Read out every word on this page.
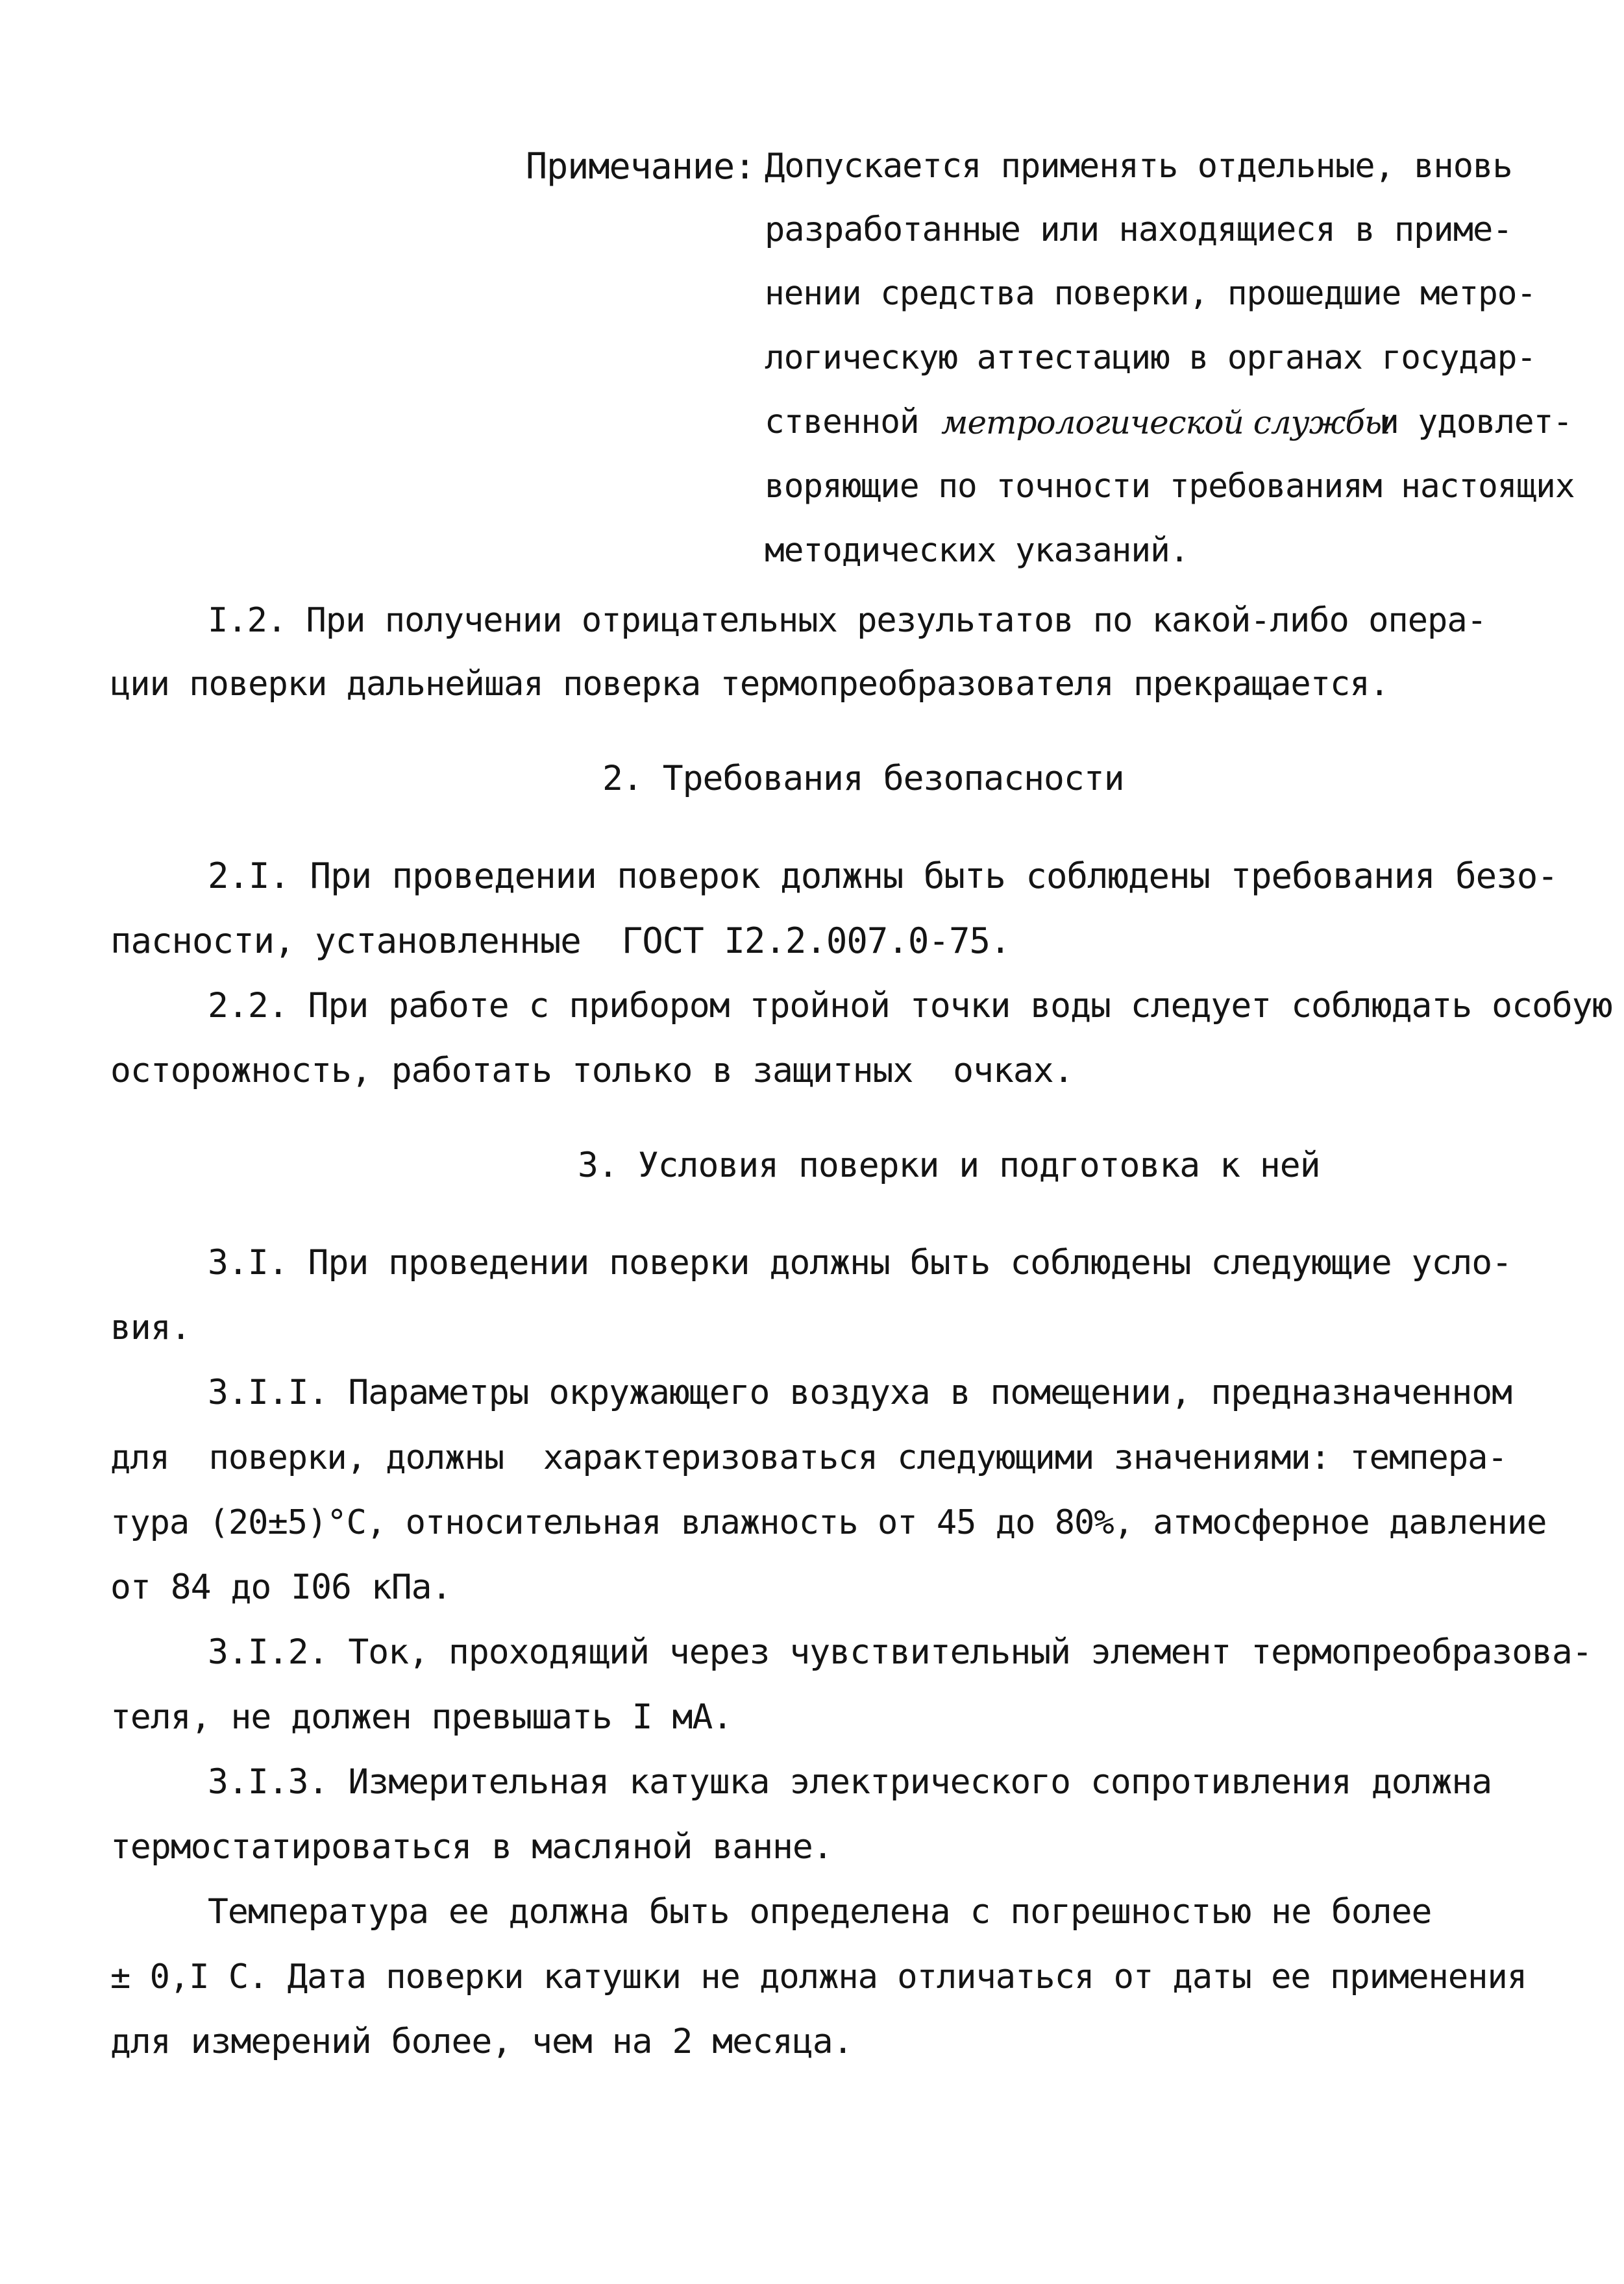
Примечание: Допускается применять отдельные, вновь
разработанные или находящиеся в приме-
нении средства поверки, прошедшие метро-
логическую аттестацию в органах государ-
ственной метрологической службы
и удовлет-
воряющие по точности требованиям настоящих
методических указаний.
I.2. При получении отрицательных результатов по какой-либо опера-
ции поверки дальнейшая поверка термопреобразователя прекращается.
2. Требования безопасности
2.I. При проведении поверок должны быть соблюдены требования безо-
пасности, установленные  ГОСТ I2.2.007.0-75.
2.2. При работе с прибором тройной точки воды следует соблюдать особую
осторожность, работать только в защитных  очках.
3. Условия поверки и подготовка к ней
3.I. При проведении поверки должны быть соблюдены следующие усло-
вия.
3.I.I. Параметры окружающего воздуха в помещении, предназначенном
для  поверки, должны  характеризоваться следующими значениями: темпера-
тура (20±5)°С, относительная влажность от 45 до 80%, атмосферное давление
от 84 до I06 кПа.
3.I.2. Ток, проходящий через чувствительный элемент термопреобразова-
теля, не должен превышать I мА.
3.I.3. Измерительная катушка электрического сопротивления должна
термостатироваться в масляной ванне.
Температура ее должна быть определена с погрешностью не более
± 0,I С. Дата поверки катушки не должна отличаться от даты ее применения
для измерений более, чем на 2 месяца.
